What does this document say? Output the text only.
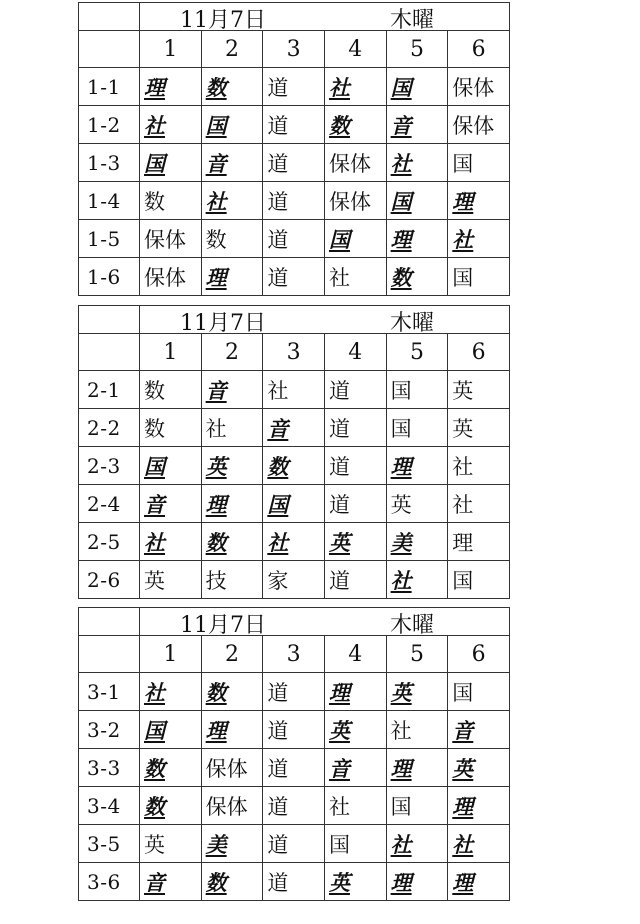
	11月7日 木曜					

	1	2	3	4	5	6
1-1	理	数	道	社	国	保体
1-2	社	国	道	数	音	保体
1-3	国	音	道	保体	社	国
1-4	数	社	道	保体	国	理
1-5	保体	数	道	国	理	社
1-6	保体	理	道	社	数	国

	11月7日 木曜					

	1	2	3	4	5	6
2-1	数	音	社	道	国	英
2-2	数	社	音	道	国	英
2-3	国	英	数	道	理	社
2-4	音	理	国	道	英	社
2-5	社	数	社	英	美	理
2-6	英	技	家	道	社	国

	11月7日 木曜					

	1	2	3	4	5	6
3-1	社	数	道	理	英	国
3-2	国	理	道	英	社	音
3-3	数	保体	道	音	理	英
3-4	数	保体	道	社	国	理
3-5	英	美	道	国	社	社
3-6	音	数	道	英	理	理
